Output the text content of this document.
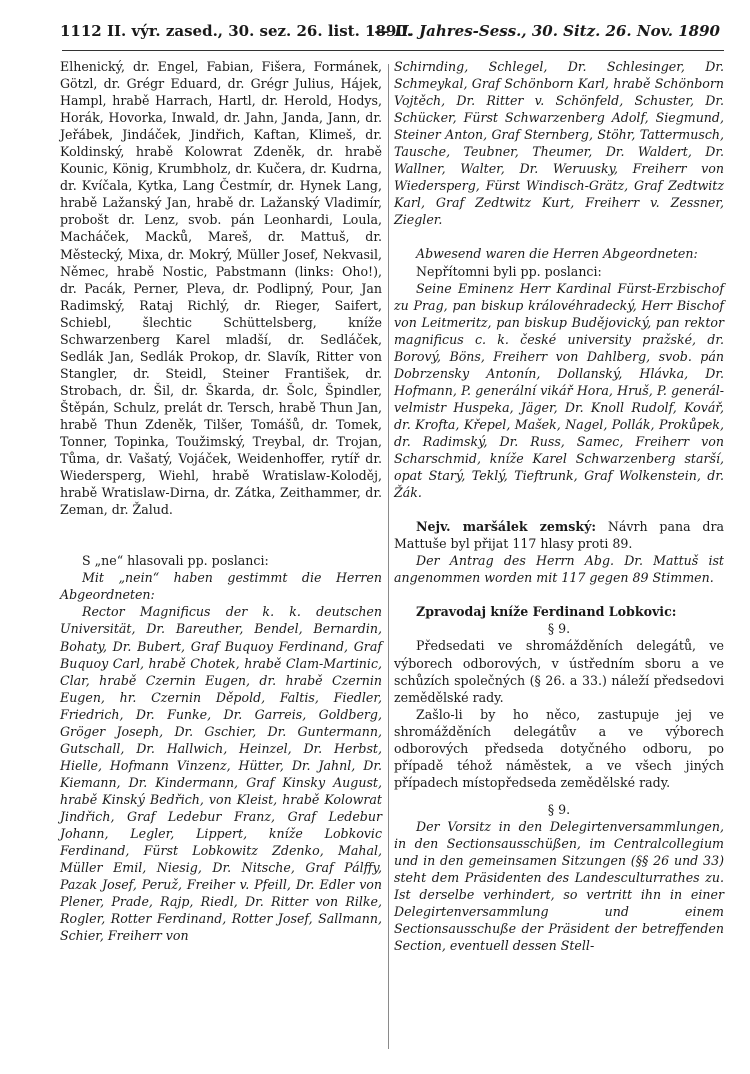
1112 II. výr. zased., 30. sez. 26. list. 1890.
— II. Jahres-Sess., 30. Sitz. 26. Nov. 1890

Elhenický, dr. Engel, Fabian, Fišera, Formánek, Götzl, dr. Grégr Eduard, dr. Grégr Julius, Hájek, Hampl, hrabě Harrach, Hartl, dr. Herold, Hodys, Horák, Hovorka, Inwald, dr. Jahn, Janda, Jann, dr. Jeřábek, Jindáček, Jindřich, Kaftan, Klimeš, dr. Koldinský, hrabě Kolowrat Zdeněk, dr. hrabě Kounic, König, Krumbholz, dr. Kučera, dr. Kudrna, dr. Kvíčala, Kytka, Lang Čestmír, dr. Hynek Lang, hrabě Lažanský Jan, hrabě dr. Lažanský Vladimír, probošt dr. Lenz, svob. pán Leonhardi, Loula, Macháček, Macků, Mareš, dr. Mattuš, dr. Městecký, Mixa, dr. Mokrý, Müller Josef, Nekvasil, Němec, hrabě Nostic, Pabstmann (links: Oho!), dr. Pacák, Perner, Pleva, dr. Podlipný, Pour, Jan Radimský, Rataj Richlý, dr. Rieger, Saifert, Schiebl, šlechtic Schüttelsberg, kníže Schwarzenberg Karel mladší, dr. Sedláček, Sedlák Jan, Sedlák Prokop, dr. Slavík, Ritter von Stangler, dr. Steidl, Steiner František, dr. Strobach, dr. Šil, dr. Škarda, dr. Šolc, Špindler, Štěpán, Schulz, prelát dr. Tersch, hrabě Thun Jan, hrabě Thun Zdeněk, Tilšer, Tomášů, dr. Tomek, Tonner, Topinka, Toužimský, Treybal, dr. Trojan, Tůma, dr. Vašatý, Vojáček, Weidenhoffer, rytíř dr. Wiedersperg, Wiehl, hrabě Wratislaw-Koloděj, hrabě Wratislaw-Dirna, dr. Zátka, Zeithammer, dr. Zeman, dr. Žalud.

S „ne“ hlasovali pp. poslanci:

Mit „nein“ haben gestimmt die Herren Abgeordneten:

Rector Magnificus der k. k. deutschen Universität, Dr. Bareuther, Bendel, Bernardin, Bohaty, Dr. Bubert, Graf Buquoy Ferdinand, Graf Buquoy Carl, hrabě Chotek, hrabě Clam-Martinic, Clar, hrabě Czernin Eugen, dr. hrabě Czernin Eugen, hr. Czernin Děpold, Faltis, Fiedler, Friedrich, Dr. Funke, Dr. Garreis, Goldberg, Gröger Joseph, Dr. Gschier, Dr. Guntermann, Gutschall, Dr. Hallwich, Heinzel, Dr. Herbst, Hielle, Hofmann Vinzenz, Hütter, Dr. Jahnl, Dr. Kiemann, Dr. Kindermann, Graf Kinsky August, hrabě Kinský Bedřich, von Kleist, hrabě Kolowrat Jindřich, Graf Ledebur Franz, Graf Ledebur Johann, Legler, Lippert, kníže Lobkovic Ferdinand, Fürst Lobkowitz Zdenko, Mahal, Müller Emil, Niesig, Dr. Nitsche, Graf Pálffy, Pazak Josef, Peruž, Freiher v. Pfeill, Dr. Edler von Plener, Prade, Rajp, Riedl, Dr. Ritter von Rilke, Rogler, Rotter Ferdinand, Rotter Josef, Sallmann, Schier, Freiherr von

Schirnding, Schlegel, Dr. Schlesinger, Dr. Schmeykal, Graf Schönborn Karl, hrabě Schönborn Vojtěch, Dr. Ritter v. Schönfeld, Schuster, Dr. Schücker, Fürst Schwarzenberg Adolf, Siegmund, Steiner Anton, Graf Sternberg, Stöhr, Tattermusch, Tausche, Teubner, Theumer, Dr. Waldert, Dr. Wallner, Walter, Dr. Weruusky, Freiherr von Wiedersperg, Fürst Windisch-Grätz, Graf Zedtwitz Karl, Graf Zedtwitz Kurt, Freiherr v. Zessner, Ziegler.

Abwesend waren die Herren Abgeordneten:

Nepřítomni byli pp. poslanci:

Seine Eminenz Herr Kardinal Fürst-Erzbischof zu Prag, pan biskup královéhradecký, Herr Bischof von Leitmeritz, pan biskup Budějovický, pan rektor magnificus c. k. české university pražské, dr. Borový, Böns, Freiherr von Dahlberg, svob. pán Dobrzensky Antonín, Dollanský, Hlávka, Dr. Hofmann, P. generální vikář Hora, Hruš, P. generál-velmistr Huspeka, Jäger, Dr. Knoll Rudolf, Kovář, dr. Krofta, Křepel, Mašek, Nagel, Pollák, Prokůpek, dr. Radimský, Dr. Russ, Samec, Freiherr von Scharschmid, kníže Karel Schwarzenberg starší, opat Starý, Teklý, Tieftrunk, Graf Wolkenstein, dr. Žák.

Nejv. maršálek zemský: Návrh pana dra Mattuše byl přijat 117 hlasy proti 89.

Der Antrag des Herrn Abg. Dr. Mattuš ist angenommen worden mit 117 gegen 89 Stimmen.

Zpravodaj kníže Ferdinand Lobkovic:

§ 9.

Předsedati ve shromážděních delegátů, ve výborech odborových, v ústředním sboru a ve schůzích společných (§ 26. a 33.) náleží předsedovi zemědělské rady.

Zašlo-li by ho něco, zastupuje jej ve shromážděních delegátův a ve výborech odborových předseda dotyčného odboru, po případě téhož náměstek, a ve všech jiných případech místopředseda zemědělské rady.

§ 9.

Der Vorsitz in den Delegirtenversammlungen, in den Sectionsausschüßen, im Centralcollegium und in den gemeinsamen Sitzungen (§§ 26 und 33) steht dem Präsidenten des Landesculturrathes zu. Ist derselbe verhindert, so vertritt ihn in einer Delegirtenversammlung und einem Sectionsausschuße der Präsident der betreffenden Section, eventuell dessen Stell-
